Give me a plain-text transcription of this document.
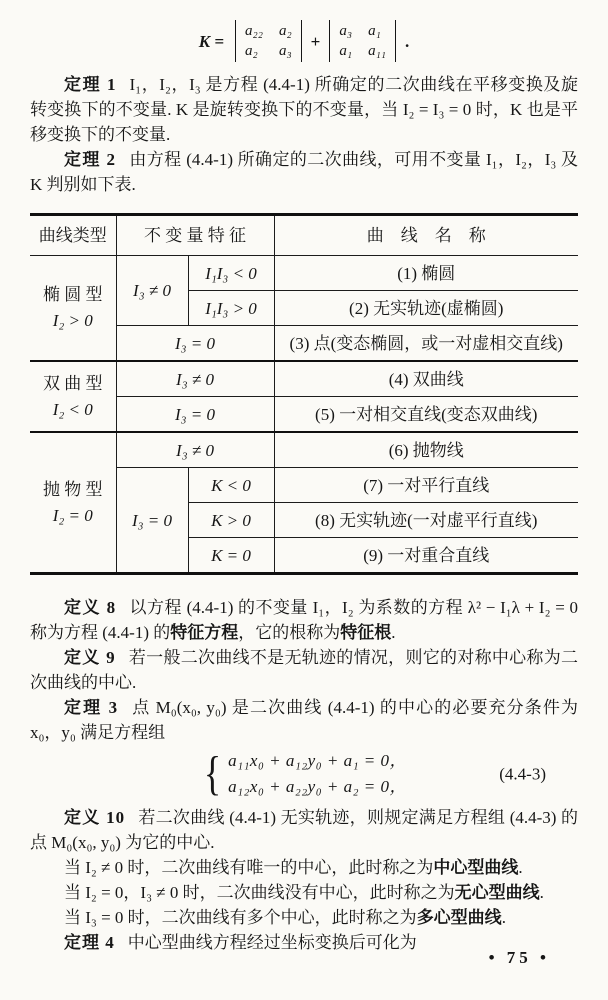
K =
a₂₂ a₂
a₂	a₃
+
a₃ a₁
a₁ a₁₁
.

定理 1 I₁，I₂，I₃ 是方程 (4.4-1) 所确定的二次曲线在平移变换及旋转变换下的不变量. K 是旋转变换下的不变量，当 I₂ = I₃ = 0 时，K 也是平移变换下的不变量.

定理 2 由方程 (4.4-1) 所确定的二次曲线，可用不变量 I₁，I₂，I₃ 及 K 判别如下表.

曲线类型	不 变 量 特 征		曲　线　名　称

椭 圆 型
I₂ > 0	I₃ ≠ 0	I₁I₃ < 0	(1) 椭圆
		I₁I₃ > 0	(2) 无实轨迹(虚椭圆)
	I₃ = 0		(3) 点(变态椭圆，或一对虚相交直线)

双 曲 型
I₂ < 0	I₃ ≠ 0		(4) 双曲线
	I₃ = 0		(5) 一对相交直线(变态双曲线)

抛 物 型
I₂ = 0	I₃ ≠ 0		(6) 抛物线
	I₃ = 0	K < 0	(7) 一对平行直线
		K > 0	(8) 无实轨迹(一对虚平行直线)
		K = 0	(9) 一对重合直线

定义 8 以方程 (4.4-1) 的不变量 I₁，I₂ 为系数的方程 λ² − I₁λ + I₂ = 0 称为方程 (4.4-1) 的特征方程，它的根称为特征根.

定义 9 若一般二次曲线不是无轨迹的情况，则它的对称中心称为二次曲线的中心.

定理 3 点 M₀(x₀, y₀) 是二次曲线 (4.4-1) 的中心的必要充分条件为 x₀，y₀ 满足方程组

{ a₁₁x₀ + a₁₂y₀ + a₁ = 0，
a₁₂x₀ + a₂₂y₀ + a₂ = 0，
(4.4-3)

定义 10 若二次曲线 (4.4-1) 无实轨迹，则规定满足方程组 (4.4-3) 的点 M₀(x₀, y₀) 为它的中心.

当 I₂ ≠ 0 时，二次曲线有唯一的中心，此时称之为中心型曲线.

当 I₂ = 0，I₃ ≠ 0 时，二次曲线没有中心，此时称之为无心型曲线.

当 I₃ = 0 时，二次曲线有多个中心，此时称之为多心型曲线.

定理 4 中心型曲线方程经过坐标变换后可化为

• 75 •
